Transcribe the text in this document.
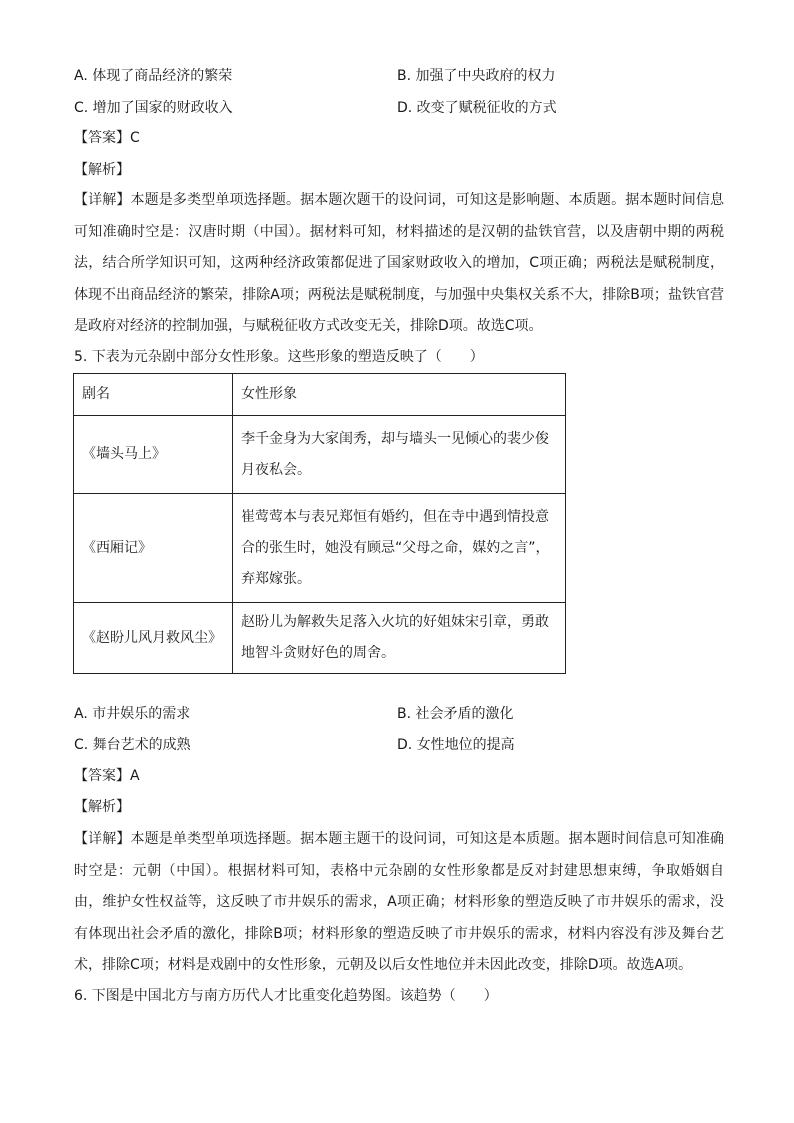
A. 体现了商品经济的繁荣	B. 加强了中央政府的权力
C. 增加了国家的财政收入	D. 改变了赋税征收的方式
【答案】C
【解析】

【详解】本题是多类型单项选择题。据本题次题干的设问词，可知这是影响题、本质题。据本题时间信息可知准确时空是：汉唐时期（中国）。据材料可知，材料描述的是汉朝的盐铁官营，以及唐朝中期的两税法，结合所学知识可知，这两种经济政策都促进了国家财政收入的增加，C项正确；两税法是赋税制度，体现不出商品经济的繁荣，排除A项；两税法是赋税制度，与加强中央集权关系不大，排除B项；盐铁官营是政府对经济的控制加强，与赋税征收方式改变无关，排除D项。故选C项。

5. 下表为元杂剧中部分女性形象。这些形象的塑造反映了（　　）
剧名	女性形象
《墙头马上》	李千金身为大家闺秀，却与墙头一见倾心的裴少俊月夜私会。
《西厢记》	崔莺莺本与表兄郑恒有婚约，但在寺中遇到情投意合的张生时，她没有顾忌“父母之命，媒妁之言”，弃郑嫁张。
《赵盼儿风月救风尘》	赵盼儿为解救失足落入火坑的好姐妹宋引章，勇敢地智斗贪财好色的周舍。
A. 市井娱乐的需求	B. 社会矛盾的激化
C. 舞台艺术的成熟	D. 女性地位的提高
【答案】A
【解析】

【详解】本题是单类型单项选择题。据本题主题干的设问词，可知这是本质题。据本题时间信息可知准确时空是：元朝（中国）。根据材料可知，表格中元杂剧的女性形象都是反对封建思想束缚，争取婚姻自由，维护女性权益等，这反映了市井娱乐的需求，A项正确；材料形象的塑造反映了市井娱乐的需求，没有体现出社会矛盾的激化，排除B项；材料形象的塑造反映了市井娱乐的需求，材料内容没有涉及舞台艺术，排除C项；材料是戏剧中的女性形象，元朝及以后女性地位并未因此改变，排除D项。故选A项。

6. 下图是中国北方与南方历代人才比重变化趋势图。该趋势（　　）
